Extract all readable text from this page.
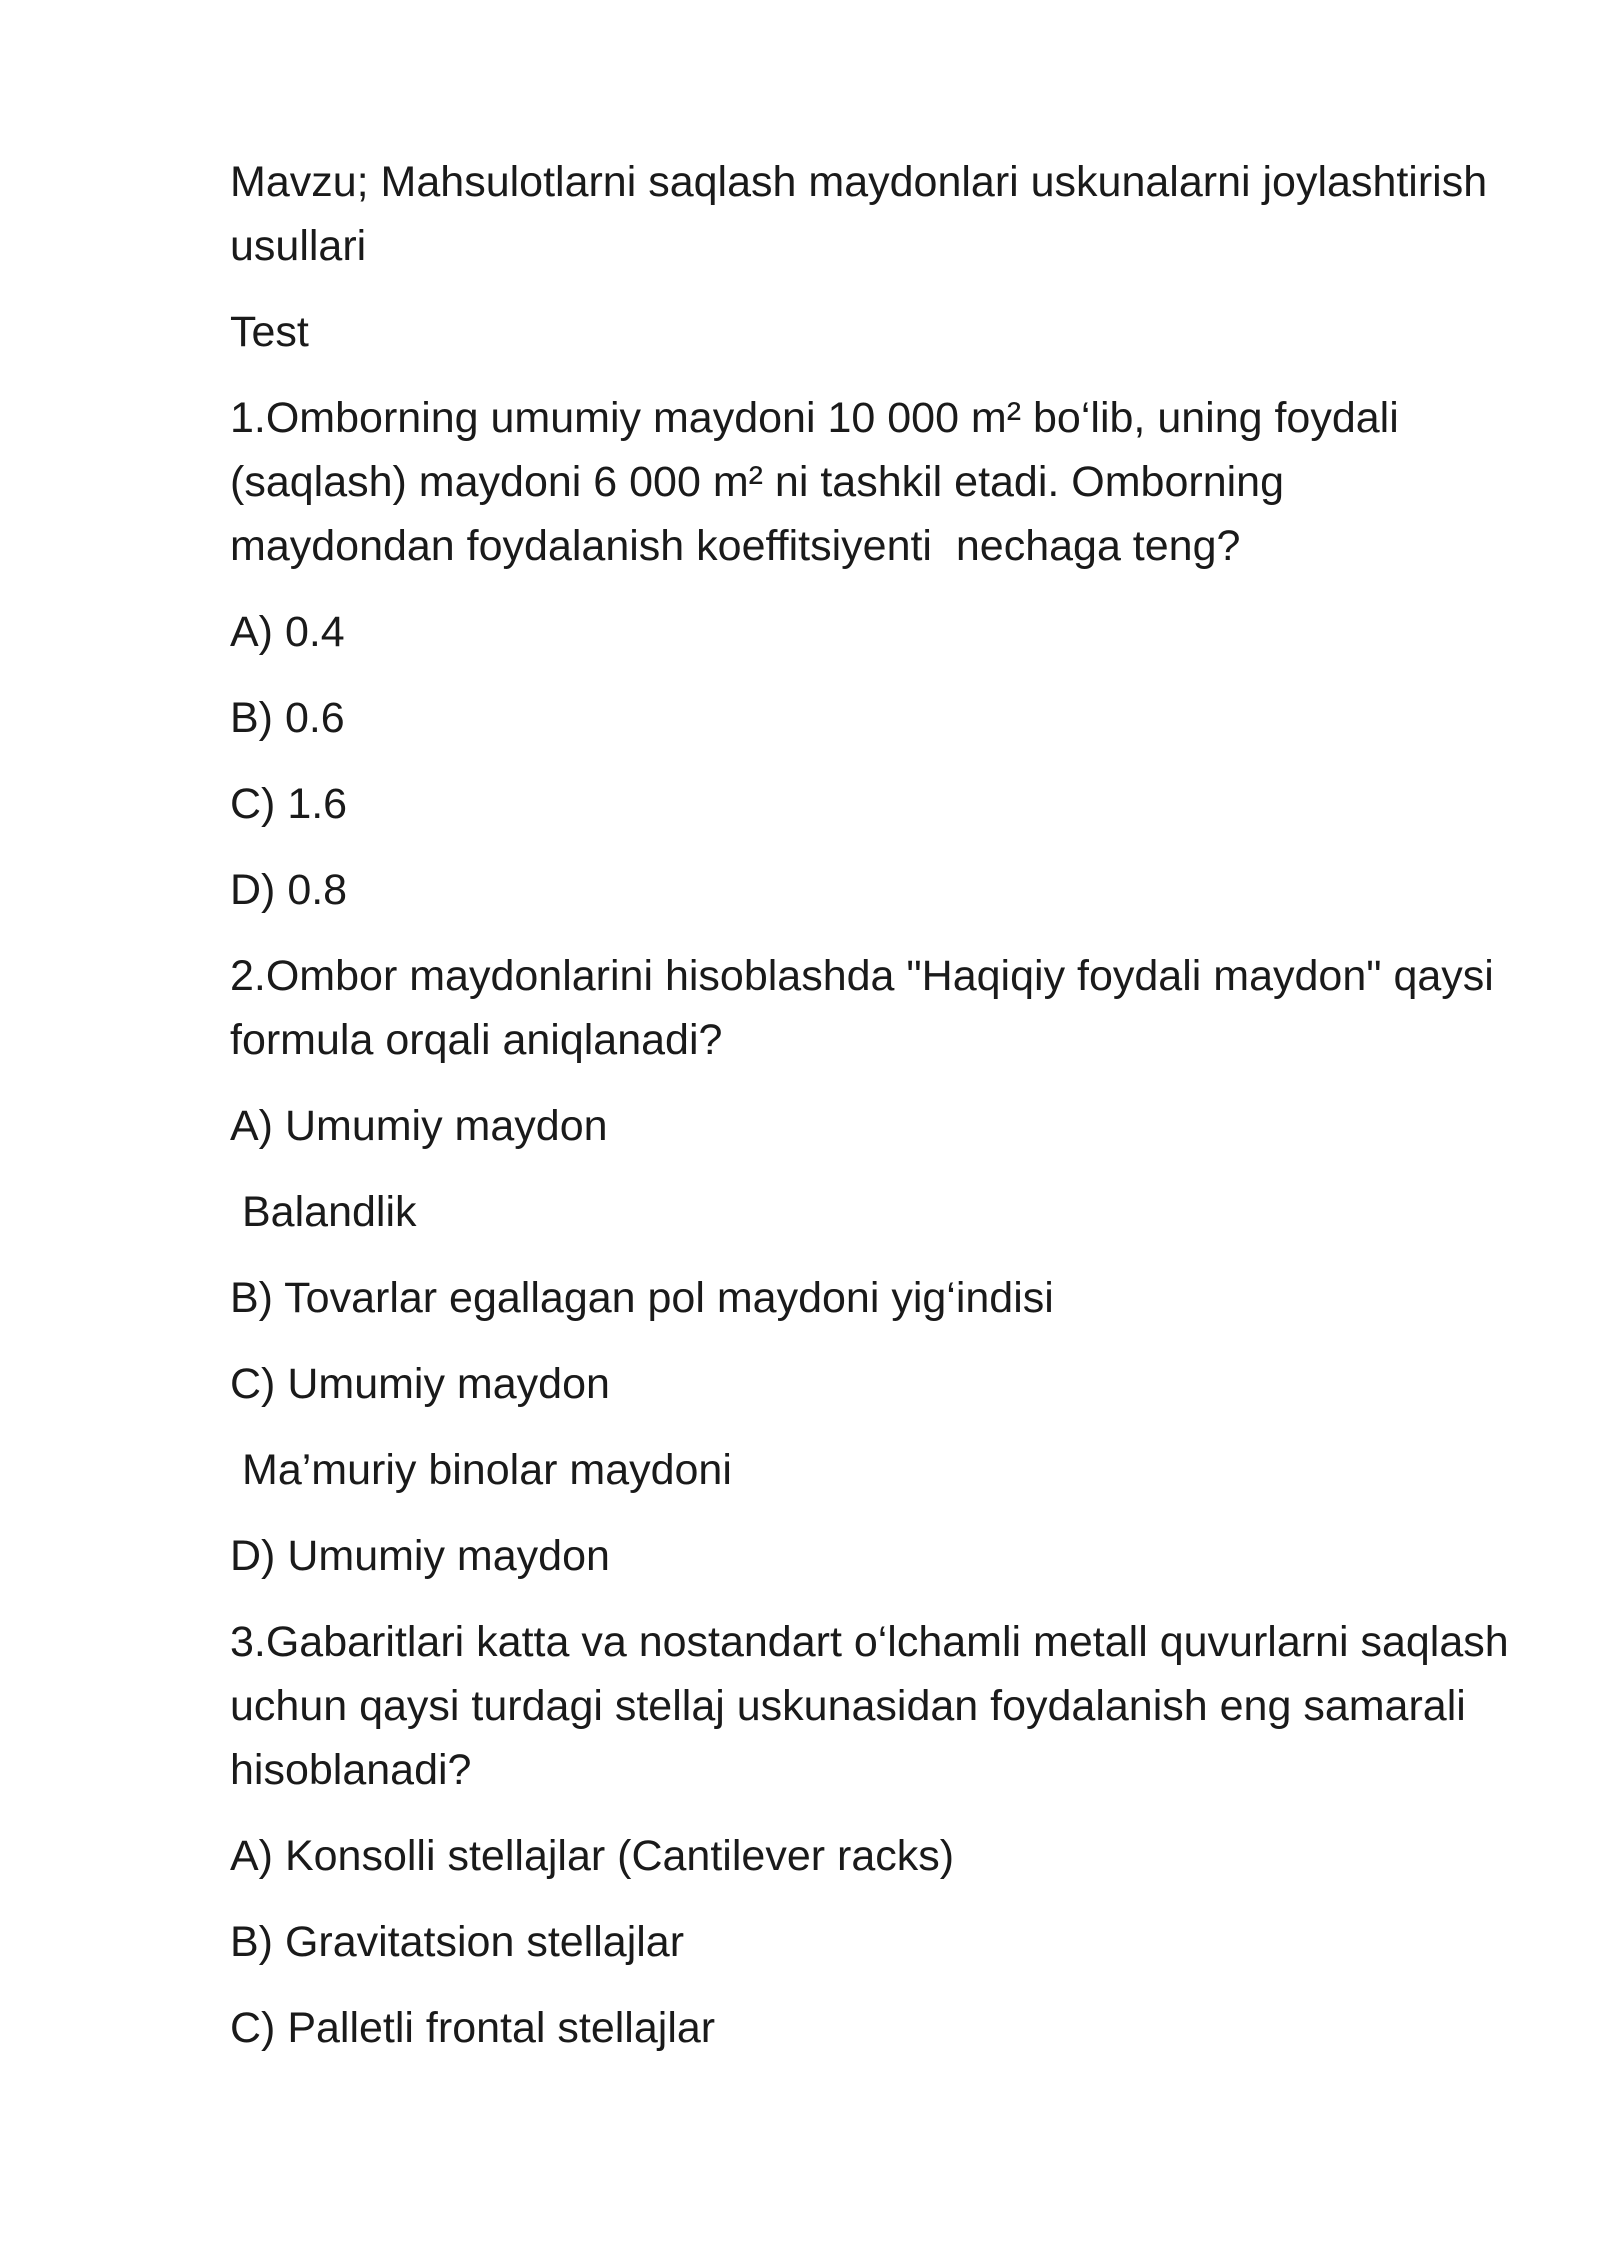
Mavzu; Mahsulotlarni saqlash maydonlari uskunalarni joylashtirish usullari

Test

1.Omborning umumiy maydoni 10 000 m² bo‘lib, uning foydali (saqlash) maydoni 6 000 m² ni tashkil etadi. Omborning maydondan foydalanish koeffitsiyenti  nechaga teng?

A) 0.4

B) 0.6

C) 1.6

D) 0.8

2.Ombor maydonlarini hisoblashda "Haqiqiy foydali maydon" qaysi formula orqali aniqlanadi?

A) Umumiy maydon

Balandlik

B) Tovarlar egallagan pol maydoni yig‘indisi

C) Umumiy maydon

Ma’muriy binolar maydoni

D) Umumiy maydon

3.Gabaritlari katta va nostandart o‘lchamli metall quvurlarni saqlash uchun qaysi turdagi stellaj uskunasidan foydalanish eng samarali hisoblanadi?

A) Konsolli stellajlar (Cantilever racks)

B) Gravitatsion stellajlar

C) Palletli frontal stellajlar
